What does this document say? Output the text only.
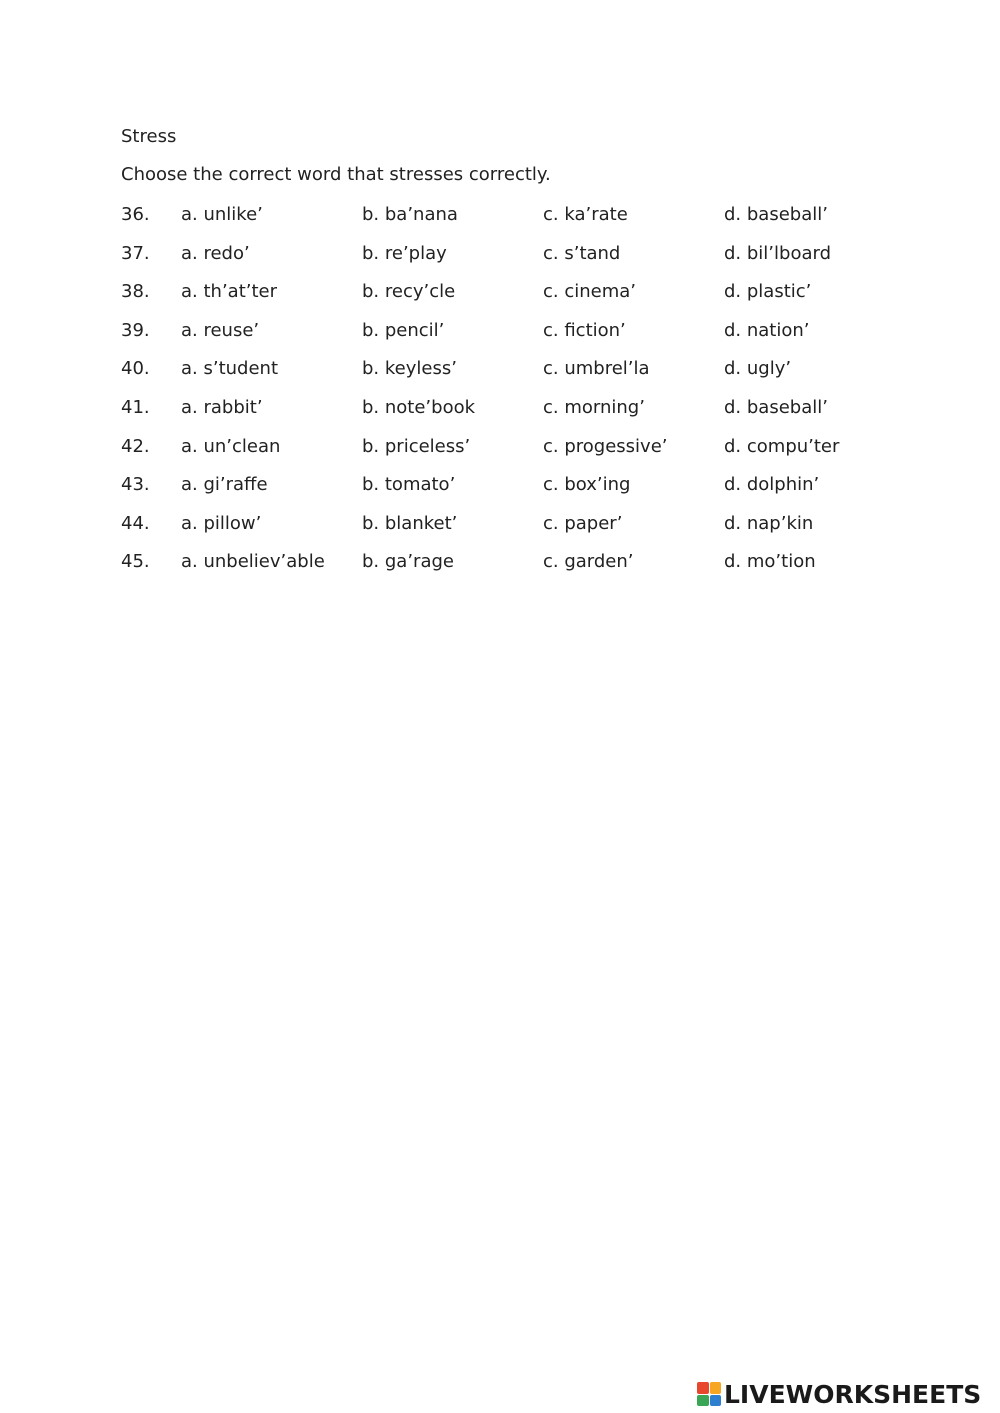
Stress

Choose the correct word that stresses correctly.

36. a. unlike’	b. ba’nana	c. ka’rate	d. baseball’
37. a. redo’	b. re’play	c. s’tand	d. bil’lboard
38. a. th’at’ter	b. recy’cle	c. cinema’	d. plastic’
39. a. reuse’	b. pencil’	c. fiction’	d. nation’
40. a. s’tudent	b. keyless’	c. umbrel’la	d. ugly’
41. a. rabbit’	b. note’book	c. morning’	d. baseball’
42. a. un’clean	b. priceless’	c. progessive’	d. compu’ter
43. a. gi’raffe	b. tomato’	c. box’ing	d. dolphin’
44. a. pillow’	b. blanket’	c. paper’	d. nap’kin
45. a. unbeliev’able b. ga’rage	c. garden’	d. mo’tion
LIVEWORKSHEETS
